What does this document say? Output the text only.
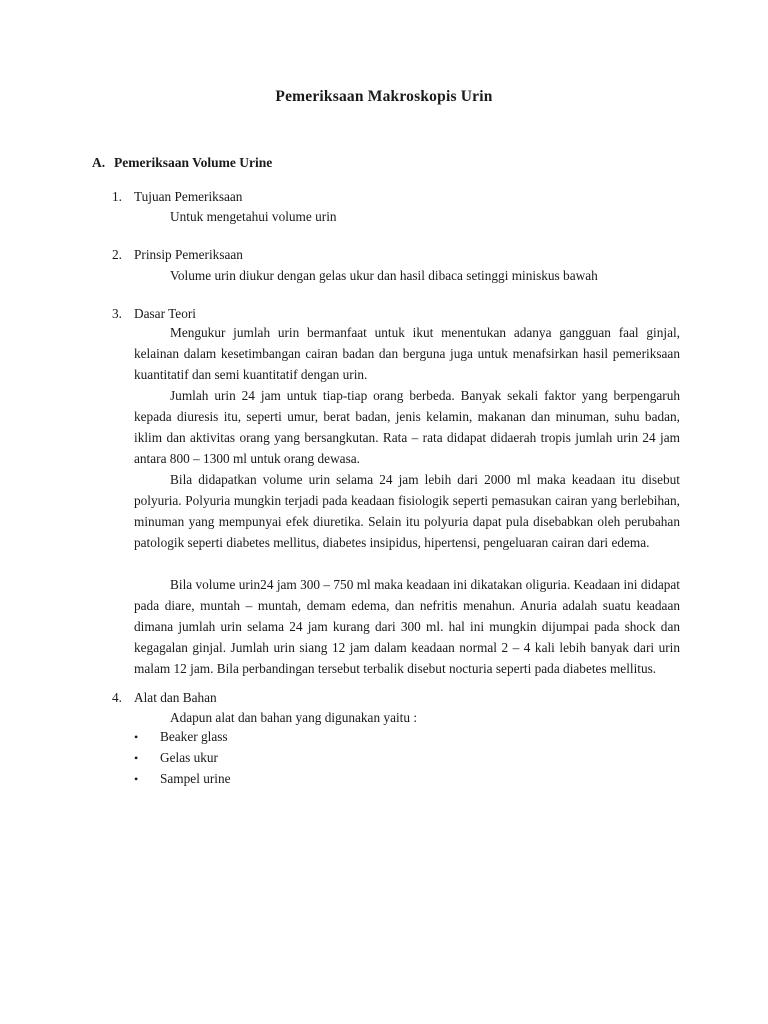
Pemeriksaan Makroskopis Urin
A. Pemeriksaan Volume Urine
1. Tujuan Pemeriksaan
Untuk mengetahui volume urin
2. Prinsip Pemeriksaan
Volume urin diukur dengan gelas ukur dan hasil dibaca setinggi miniskus bawah
3. Dasar Teori
Mengukur jumlah urin bermanfaat untuk ikut menentukan adanya gangguan faal ginjal, kelainan dalam kesetimbangan cairan badan dan berguna juga untuk menafsirkan hasil pemeriksaan kuantitatif dan semi kuantitatif dengan urin.
Jumlah urin 24 jam untuk tiap-tiap orang berbeda. Banyak sekali faktor yang berpengaruh kepada diuresis itu, seperti umur, berat badan, jenis kelamin, makanan dan minuman, suhu badan, iklim dan aktivitas orang yang bersangkutan. Rata – rata didapat didaerah tropis jumlah urin 24 jam antara 800 – 1300 ml untuk orang dewasa.
Bila didapatkan volume urin selama 24 jam lebih dari 2000 ml maka keadaan itu disebut polyuria. Polyuria mungkin terjadi pada keadaan fisiologik seperti pemasukan cairan yang berlebihan, minuman yang mempunyai efek diuretika. Selain itu polyuria dapat pula disebabkan oleh perubahan patologik seperti diabetes mellitus, diabetes insipidus, hipertensi, pengeluaran cairan dari edema.
Bila volume urin24 jam 300 – 750 ml maka keadaan ini dikatakan oliguria. Keadaan ini didapat pada diare, muntah – muntah, demam edema, dan nefritis menahun. Anuria adalah suatu keadaan dimana jumlah urin selama 24 jam kurang dari 300 ml. hal ini mungkin dijumpai pada shock dan kegagalan ginjal. Jumlah urin siang 12 jam dalam keadaan normal 2 – 4 kali lebih banyak dari urin malam 12 jam. Bila perbandingan tersebut terbalik disebut nocturia seperti pada diabetes mellitus.
4. Alat dan Bahan
Adapun alat dan bahan yang digunakan yaitu :
•	Beaker glass
•	Gelas ukur
•	Sampel urine
